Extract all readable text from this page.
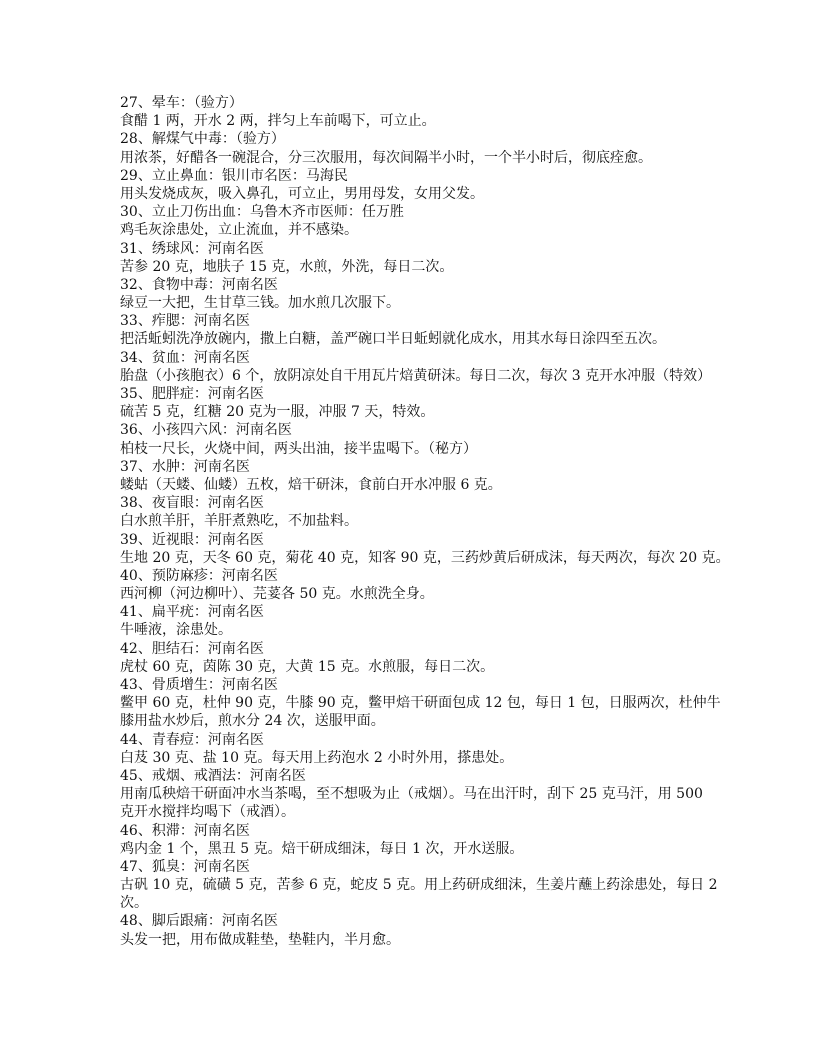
27、晕车：（验方）
食醋 1 两，开水 2 两，拌匀上车前喝下，可立止。
28、解煤气中毒：（验方）
用浓茶，好醋各一碗混合，分三次服用，每次间隔半小时，一个半小时后，彻底痊愈。
29、立止鼻血：银川市名医：马海民
用头发烧成灰，吸入鼻孔，可立止，男用母发，女用父发。
30、立止刀伤出血：乌鲁木齐市医师：任万胜
鸡毛灰涂患处，立止流血，并不感染。
31、绣球风：河南名医
苦参 20 克，地肤子 15 克，水煎，外洗，每日二次。
32、食物中毒：河南名医
绿豆一大把，生甘草三钱。加水煎几次服下。
33、痄腮：河南名医
把活蚯蚓洗净放碗内，撒上白糖，盖严碗口半日蚯蚓就化成水，用其水每日涂四至五次。
34、贫血：河南名医
胎盘（小孩胞衣）6 个，放阴凉处自干用瓦片焙黄研沫。每日二次，每次 3 克开水冲服（特效）
35、肥胖症：河南名医
硫苦 5 克，红糖 20 克为一服，冲服 7 天，特效。
36、小孩四六风：河南名医
柏枝一尺长，火烧中间，两头出油，接半盅喝下。（秘方）
37、水肿：河南名医
蝼蛄（天蝼、仙蝼）五枚，焙干研沫，食前白开水冲服 6 克。
38、夜盲眼：河南名医
白水煎羊肝，羊肝煮熟吃，不加盐料。
39、近视眼：河南名医
生地 20 克，天冬 60 克，菊花 40 克，知客 90 克，三药炒黄后研成沫，每天两次，每次 20 克。
40、预防麻疹：河南名医
西河柳（河边柳叶）、芫荽各 50 克。水煎洗全身。
41、扁平疣：河南名医
牛唾液，涂患处。
42、胆结石：河南名医
虎杖 60 克，茵陈 30 克，大黄 15 克。水煎服，每日二次。
43、骨质增生：河南名医
鳖甲 60 克，杜仲 90 克，牛膝 90 克，鳖甲焙干研面包成 12 包，每日 1 包，日服两次，杜仲牛
膝用盐水炒后，煎水分 24 次，送服甲面。
44、青春痘：河南名医
白芨 30 克、盐 10 克。每天用上药泡水 2 小时外用，搽患处。
45、戒烟、戒酒法：河南名医
用南瓜秧焙干研面冲水当茶喝，至不想吸为止（戒烟）。马在出汗时，刮下 25 克马汗，用 500
克开水搅拌均喝下（戒酒）。
46、积滞：河南名医
鸡内金 1 个，黑丑 5 克。焙干研成细沫，每日 1 次，开水送服。
47、狐臭：河南名医
古矾 10 克，硫磺 5 克，苦参 6 克，蛇皮 5 克。用上药研成细沫，生姜片蘸上药涂患处，每日 2
次。
48、脚后跟痛：河南名医
头发一把，用布做成鞋垫，垫鞋内，半月愈。
